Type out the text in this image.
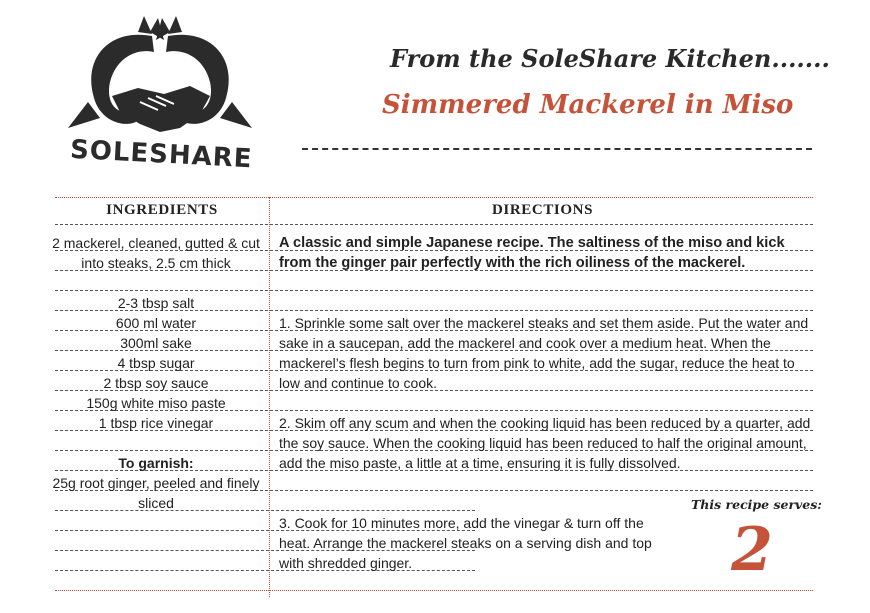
SOLESHARE
From the SoleShare Kitchen.......
Simmered Mackerel in Miso
INGREDIENTS	DIRECTIONS
2 mackerel, cleaned, gutted & cut into steaks, 2.5 cm thick
2-3 tbsp salt
600 ml water
300ml sake
4 tbsp sugar
2 tbsp soy sauce
150g white miso paste
1 tbsp rice vinegar
To garnish:
25g root ginger, peeled and finely sliced
A classic and simple Japanese recipe. The saltiness of the miso and kick from the ginger pair perfectly with the rich oiliness of the mackerel.
1. Sprinkle some salt over the mackerel steaks and set them aside. Put the water and sake in a saucepan, add the mackerel and cook over a medium heat. When the mackerel’s flesh begins to turn from pink to white, add the sugar, reduce the heat to low and continue to cook.
2. Skim off any scum and when the cooking liquid has been reduced by a quarter, add the soy sauce. When the cooking liquid has been reduced to half the original amount, add the miso paste, a little at a time, ensuring it is fully dissolved.
3. Cook for 10 minutes more, add the vinegar & turn off the heat. Arrange the mackerel steaks on a serving dish and top with shredded ginger.
This recipe serves:
2
